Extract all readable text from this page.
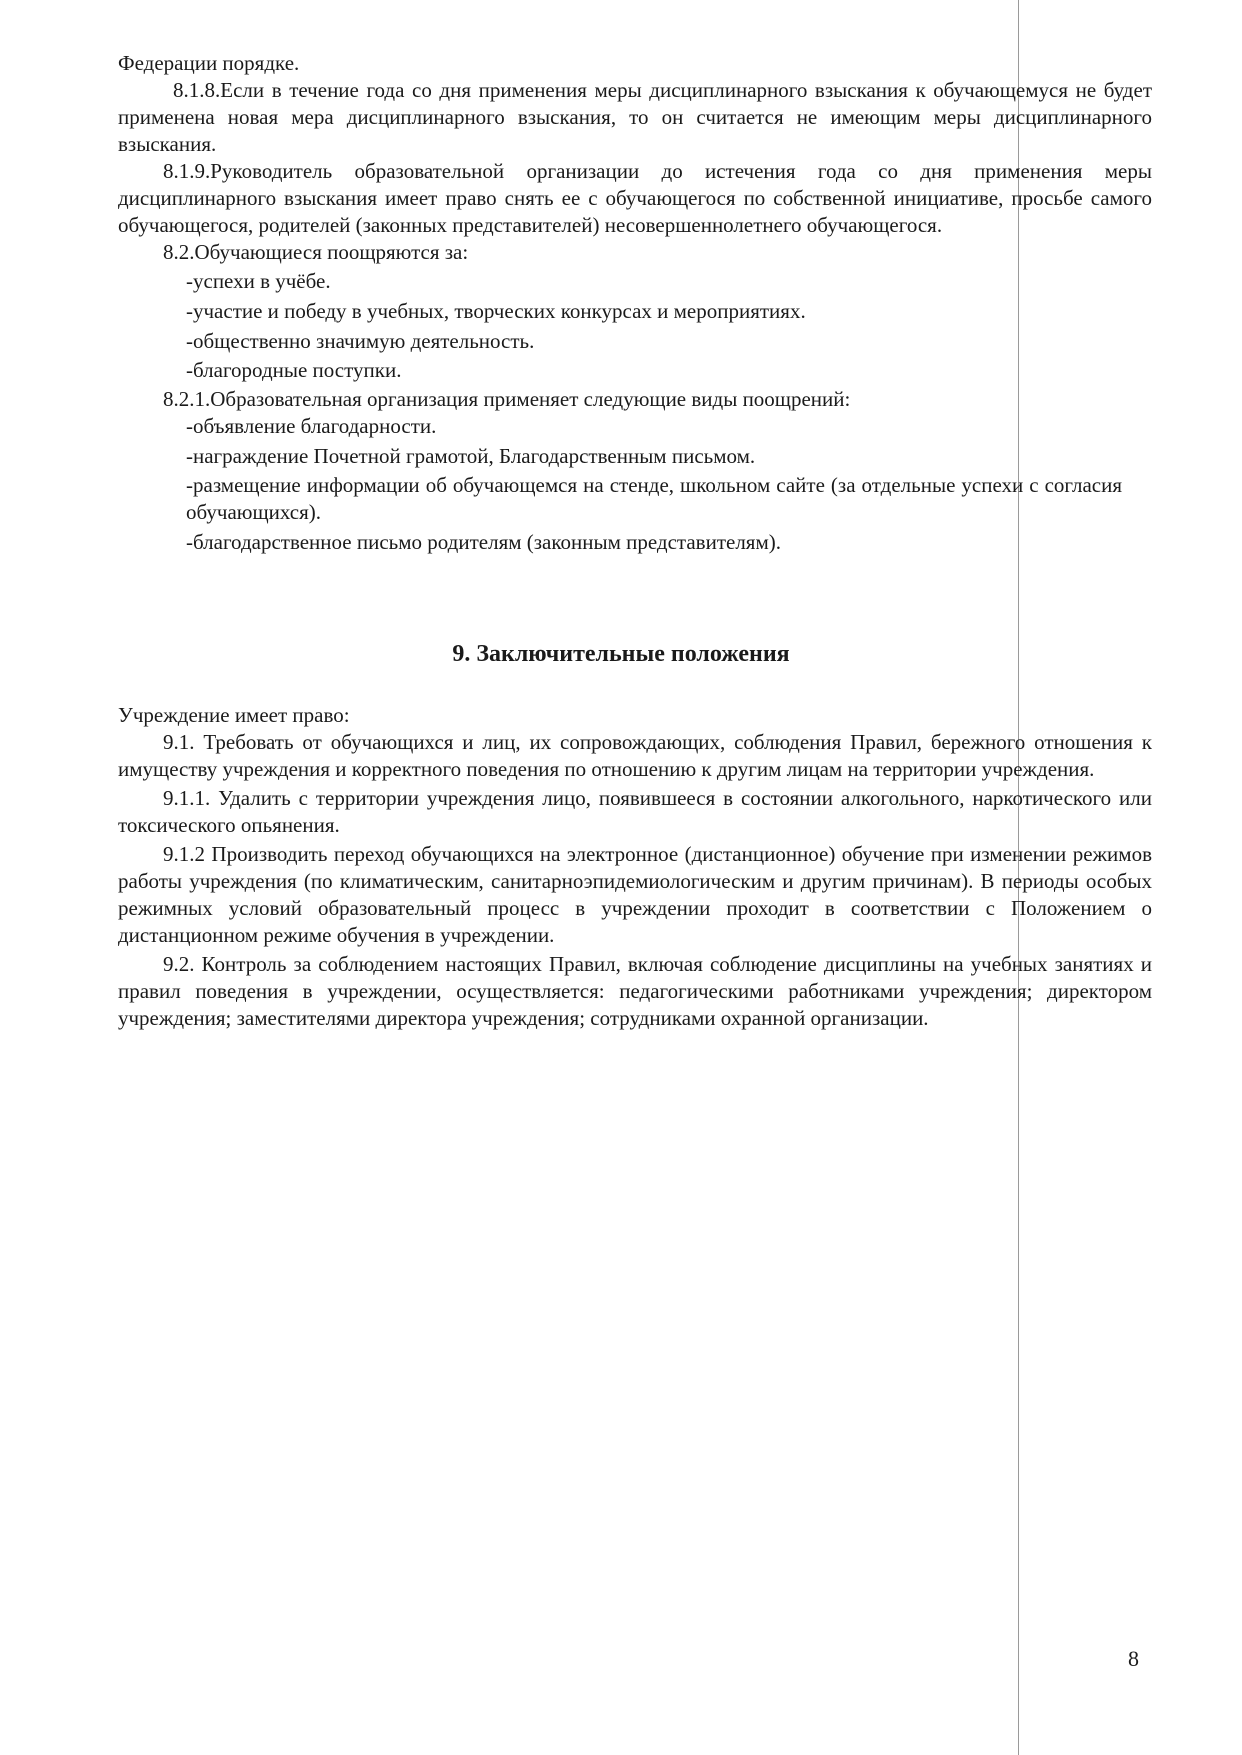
Федерации порядке.

8.1.8.Если в течение года со дня применения меры дисциплинарного взыскания к обучающемуся не будет применена новая мера дисциплинарного взыскания, то он считается не имеющим меры дисциплинарного взыскания.

8.1.9.Руководитель образовательной организации до истечения года со дня применения меры дисциплинарного взыскания имеет право снять ее с обучающегося по собственной инициативе, просьбе самого обучающегося, родителей (законных представителей) несовершеннолетнего обучающегося.

8.2.Обучающиеся поощряются за:

-успехи в учёбе.

-участие и победу в учебных, творческих конкурсах и мероприятиях.

-общественно значимую деятельность.

-благородные поступки.

8.2.1.Образовательная организация применяет следующие виды поощрений:

-объявление благодарности.

-награждение Почетной грамотой, Благодарственным письмом.

-размещение информации об обучающемся на стенде, школьном сайте (за отдельные успехи с согласия обучающихся).

-благодарственное письмо родителям (законным представителям).

9. Заключительные положения

Учреждение имеет право:

9.1. Требовать от обучающихся и лиц, их сопровождающих, соблюдения Правил, бережного отношения к имуществу учреждения и корректного поведения по отношению к другим лицам на территории учреждения.

9.1.1. Удалить с территории учреждения лицо, появившееся в состоянии алкогольного, наркотического или токсического опьянения.

9.1.2 Производить переход обучающихся на электронное (дистанционное) обучение при изменении режимов работы учреждения (по климатическим, санитарноэпидемиологическим и другим причинам). В периоды особых режимных условий образовательный процесс в учреждении проходит в соответствии с Положением о дистанционном режиме обучения в учреждении.

9.2. Контроль за соблюдением настоящих Правил, включая соблюдение дисциплины на учебных занятиях и правил поведения в учреждении, осуществляется: педагогическими работниками учреждения; директором учреждения; заместителями директора учреждения; сотрудниками охранной организации.

8
